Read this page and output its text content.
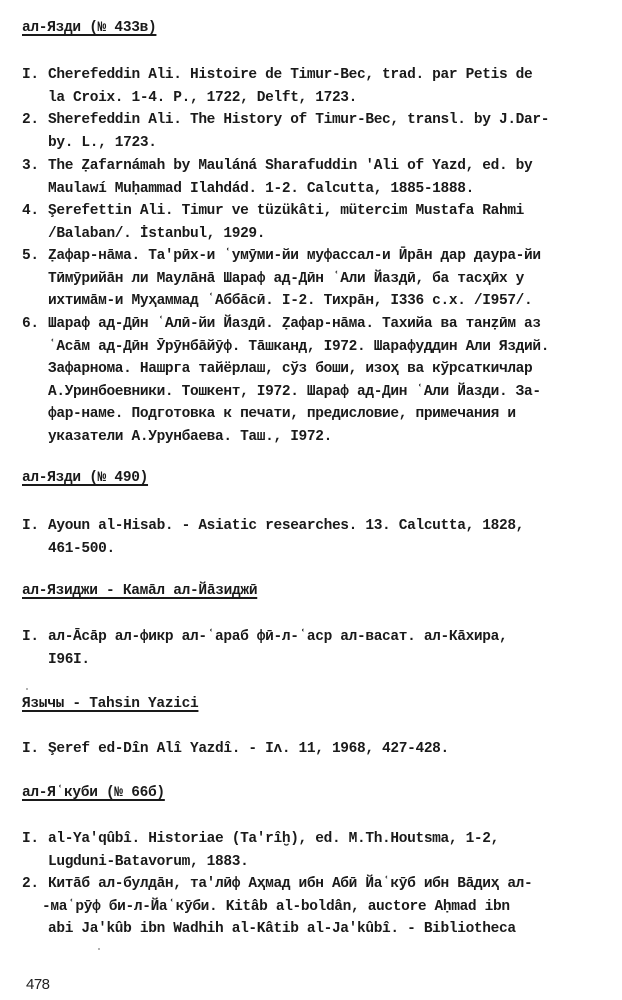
ал-Язди (№ 433в)
I. Cherefeddin Ali. Histoire de Timur-Bec, trad. par Petis de
la Croix. 1-4. P., 1722, Delft, 1723.
2. Sherefeddin Ali. The History of Timur-Bec, transl. by J.Dar-
by. L., 1723.
3. The Ẓafarnámah by Mauláná Sharafuddin 'Ali of Yazd, ed. by
Maulawí Muḥammad Ilahdád. 1-2. Calcutta, 1885-1888.
4. Şerefettin Ali. Timur ve tüzükâti, mütercim Mustafa Rahmi
/Balaban/. İstanbul, 1929.
5. Ẓафар-нāма. Та'рӣх-и ʿумӯми-йи муфассал-и Ӣрāн дар даура-йи
Тӣмӯрийāн ли Маулāнā Шараф ад-Дӣн ʿАли Йаздӣ, ба тасҳӣх у
ихтимāм-и Муҳаммад ʿАббāсӣ. I-2. Тихрāн, I336 с.х. /I957/.
6. Шараф ад-Дӣн ʿАлӣ-йи Йаздӣ. Ẓафар-нāма. Тахийа ва танẓӣм аз
ʿАсāм ад-Дӣн Ӯрӯнбāйӯф. Тāшканд, I972. Шарафуддин Али Яздий.
Зафарнома. Нашрга тайёрлаш, сўз боши, изоҳ ва кўрсаткичлар
А.Уринбоевники. Тошкент, I972. Шараф ад-Дин ʿАли Йазди. За-
фар-наме. Подготовка к печати, предисловие, примечания и
указатели А.Урунбаева. Таш., I972.
ал-Язди (№ 490)
I. Ayoun al-Hisab. - Asiatic researches. 13. Calcutta, 1828,
461-500.
ал-Язиджи - Камāл ал-Йāзиджӣ
I. ал-Āсāр ал-фикр ал-ʿараб фӣ-л-ʿаср ал-васат. ал-Кāхира,
I96I.
Язычы - Tahsin Yazici
I. Şeref ed-Dîn Alî Yazdî. - Iʌ. 11, 1968, 427-428.
ал-Яʿкуби (№ 66б)
I. al-Ya'qûbî. Historiae (Ta'rîḫ), ed. M.Th.Houtsma, 1-2,
Lugduni-Batavorum, 1883.
2. Китāб ал-булдāн, та'лӣф Аҳмад ибн Абӣ Йаʿкӯб ибн Вāдиҳ ал-
-маʿрӯф би-л-Йаʿкӯби. Kitâb al-boldân, auctore Aḥmad ibn
abi Ja'kûb ibn Wadhih al-Kâtib al-Ja'kûbî. - Bibliotheca
478
